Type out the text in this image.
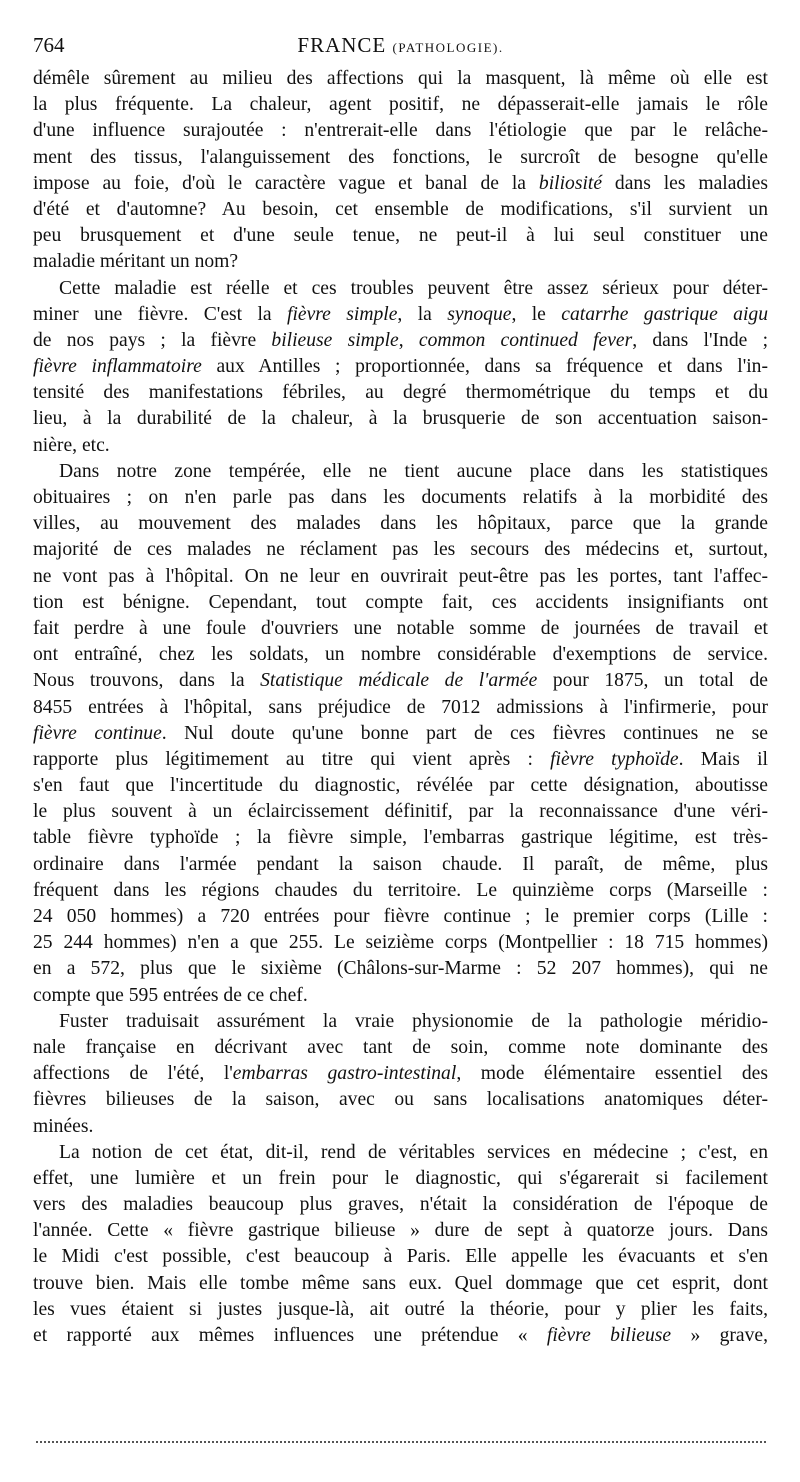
764	FRANCE (PATHOLOGIE).
démêle sûrement au milieu des affections qui la masquent, là même où elle est
la plus fréquente. La chaleur, agent positif, ne dépasserait-elle jamais le rôle
d'une influence surajoutée : n'entrerait-elle dans l'étiologie que par le relâche-
ment des tissus, l'alanguissement des fonctions, le surcroît de besogne qu'elle
impose au foie, d'où le caractère vague et banal de la biliosité dans les maladies
d'été et d'automne? Au besoin, cet ensemble de modifications, s'il survient un
peu brusquement et d'une seule tenue, ne peut-il à lui seul constituer une
maladie méritant un nom?
Cette maladie est réelle et ces troubles peuvent être assez sérieux pour déter-
miner une fièvre. C'est la fièvre simple, la synoque, le catarrhe gastrique aigu
de nos pays ; la fièvre bilieuse simple, common continued fever, dans l'Inde ;
fièvre inflammatoire aux Antilles ; proportionnée, dans sa fréquence et dans l'in-
tensité des manifestations fébriles, au degré thermométrique du temps et du
lieu, à la durabilité de la chaleur, à la brusquerie de son accentuation saison-
nière, etc.
Dans notre zone tempérée, elle ne tient aucune place dans les statistiques
obituaires ; on n'en parle pas dans les documents relatifs à la morbidité des
villes, au mouvement des malades dans les hôpitaux, parce que la grande
majorité de ces malades ne réclament pas les secours des médecins et, surtout,
ne vont pas à l'hôpital. On ne leur en ouvrirait peut-être pas les portes, tant l'affec-
tion est bénigne. Cependant, tout compte fait, ces accidents insignifiants ont
fait perdre à une foule d'ouvriers une notable somme de journées de travail et
ont entraîné, chez les soldats, un nombre considérable d'exemptions de service.
Nous trouvons, dans la Statistique médicale de l'armée pour 1875, un total de
8455 entrées à l'hôpital, sans préjudice de 7012 admissions à l'infirmerie, pour
fièvre continue. Nul doute qu'une bonne part de ces fièvres continues ne se
rapporte plus légitimement au titre qui vient après : fièvre typhoïde. Mais il
s'en faut que l'incertitude du diagnostic, révélée par cette désignation, aboutisse
le plus souvent à un éclaircissement définitif, par la reconnaissance d'une véri-
table fièvre typhoïde ; la fièvre simple, l'embarras gastrique légitime, est très-
ordinaire dans l'armée pendant la saison chaude. Il paraît, de même, plus
fréquent dans les régions chaudes du territoire. Le quinzième corps (Marseille :
24 050 hommes) a 720 entrées pour fièvre continue ; le premier corps (Lille :
25 244 hommes) n'en a que 255. Le seizième corps (Montpellier : 18 715 hommes)
en a 572, plus que le sixième (Châlons-sur-Marme : 52 207 hommes), qui ne
compte que 595 entrées de ce chef.
Fuster traduisait assurément la vraie physionomie de la pathologie méridio-
nale française en décrivant avec tant de soin, comme note dominante des
affections de l'été, l'embarras gastro-intestinal, mode élémentaire essentiel des
fièvres bilieuses de la saison, avec ou sans localisations anatomiques déter-
minées.
La notion de cet état, dit-il, rend de véritables services en médecine ; c'est, en
effet, une lumière et un frein pour le diagnostic, qui s'égarerait si facilement
vers des maladies beaucoup plus graves, n'était la considération de l'époque de
l'année. Cette « fièvre gastrique bilieuse » dure de sept à quatorze jours. Dans
le Midi c'est possible, c'est beaucoup à Paris. Elle appelle les évacuants et s'en
trouve bien. Mais elle tombe même sans eux. Quel dommage que cet esprit, dont
les vues étaient si justes jusque-là, ait outré la théorie, pour y plier les faits,
et rapporté aux mêmes influences une prétendue « fièvre bilieuse » grave,
